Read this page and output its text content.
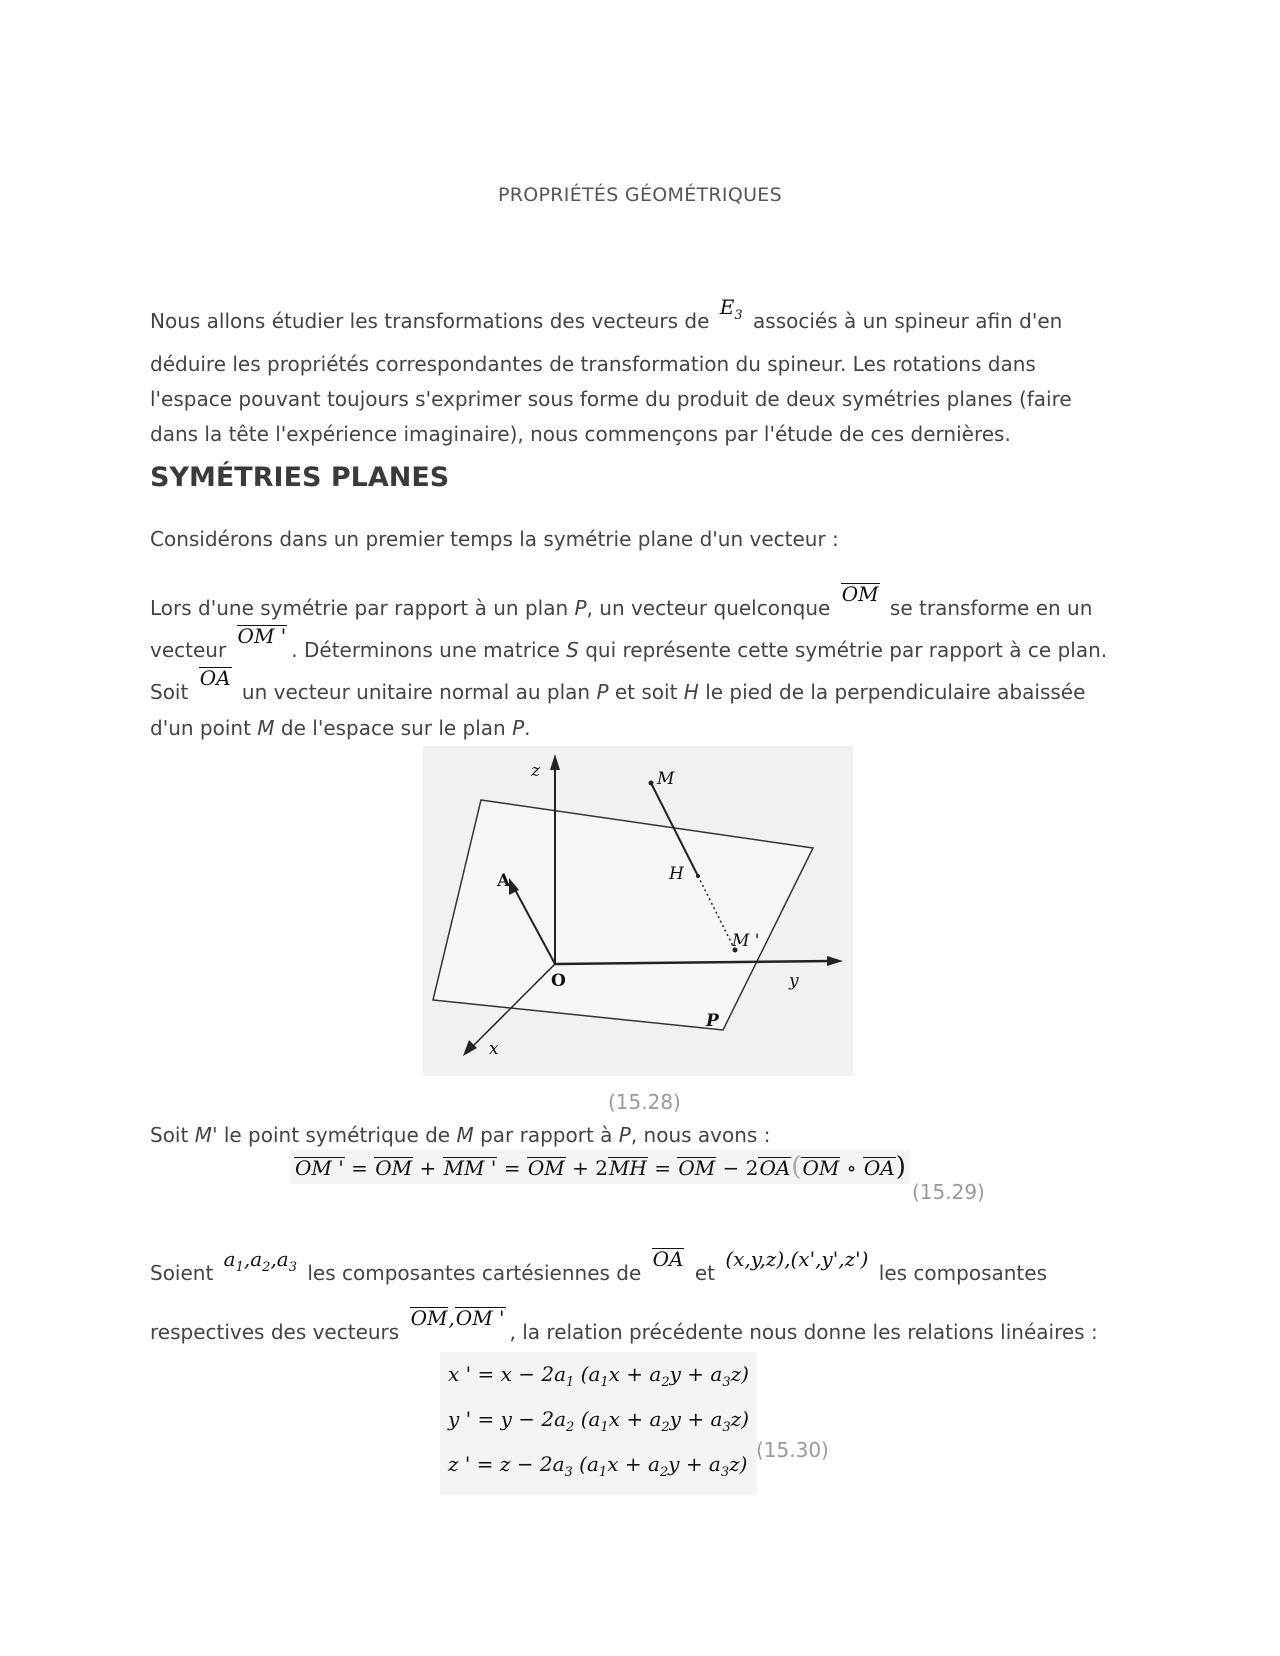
PROPRIÉTÉS GÉOMÉTRIQUES
Nous allons étudier les transformations des vecteurs de $E_3$ associés à un spineur afin d'en
déduire les propriétés correspondantes de transformation du spineur. Les rotations dans
l'espace pouvant toujours s'exprimer sous forme du produit de deux symétries planes (faire
dans la tête l'expérience imaginaire), nous commençons par l'étude de ces dernières.
SYMÉTRIES PLANES
Considérons dans un premier temps la symétrie plane d'un vecteur :
Lors d'une symétrie par rapport à un plan P, un vecteur quelconque OM se transforme en un
vecteur OM '. Déterminons une matrice S qui représente cette symétrie par rapport à ce plan.
Soit OA un vecteur unitaire normal au plan P et soit H le pied de la perpendiculaire abaissée
d'un point M de l'espace sur le plan P.
z	M
H
A
M '
O	y
P
x
(15.28)
Soit M' le point symétrique de M par rapport à P, nous avons :
OM ' = OM + MM ' = OM + 2MH = OM − 2OA(OM ∘ OA)
(15.29)
Soient $a_1,a_2,a_3$ les composantes cartésiennes de OA et (x,y,z),(x',y',z') les composantes
respectives des vecteurs OM,OM ', la relation précédente nous donne les relations linéaires :
x ' = $x - 2a_1$ $(a_1x + a_2y + a_3z)$
y ' = $y - 2a_2$ $(a_1x + a_2y + a_3z)$
z ' = $z - 2a_3$ $(a_1x + a_2y + a_3z)$
(15.30)
